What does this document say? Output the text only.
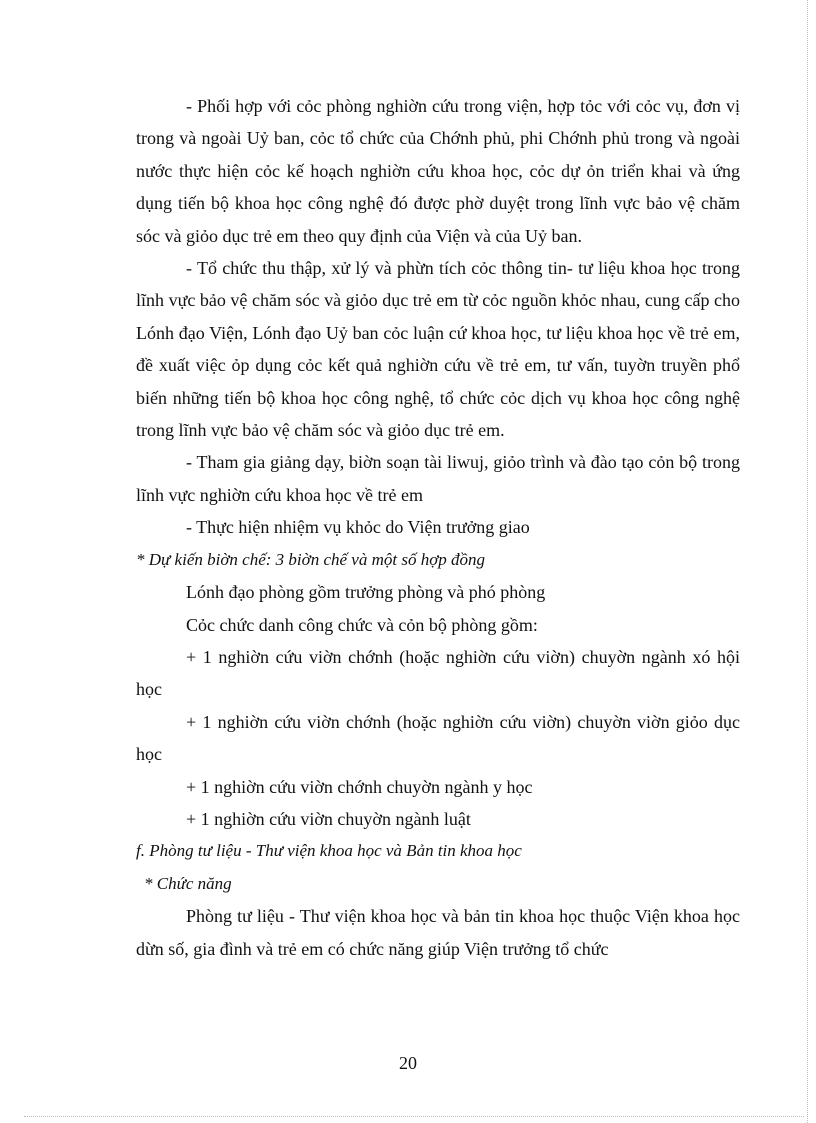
- Phối hợp với cỏc phòng nghiờn cứu trong viện, hợp tỏc với cỏc vụ, đơn vị trong và ngoài Uỷ ban, cỏc tổ chức của Chớnh phủ, phi Chớnh phủ trong và ngoài nước thực hiện cỏc kế hoạch nghiờn cứu khoa học, cỏc dự ỏn triển khai và ứng dụng tiến bộ khoa học công nghệ đó được phờ duyệt trong lĩnh vực bảo vệ chăm sóc và giỏo dục trẻ em theo quy định của Viện và của Uỷ ban.

- Tổ chức thu thập, xử lý và phừn tích cỏc thông tin- tư liệu khoa học trong lĩnh vực bảo vệ chăm sóc và giỏo dục trẻ em từ cỏc nguồn khỏc nhau, cung cấp cho Lónh đạo Viện, Lónh đạo Uỷ ban cỏc luận cứ khoa học, tư liệu khoa học về trẻ em, đề xuất việc ỏp dụng cỏc kết quả nghiờn cứu về trẻ em, tư vấn, tuyờn truyền phổ biến những tiến bộ khoa học công nghệ, tổ chức cỏc dịch vụ khoa học công nghệ trong lĩnh vực bảo vệ chăm sóc và giỏo dục trẻ em.

- Tham gia giảng dạy, biờn soạn tài liwuj, giỏo trình và đào tạo cỏn bộ trong lĩnh vực nghiờn cứu khoa học về trẻ em

- Thực hiện nhiệm vụ khỏc do Viện trưởng giao

* Dự kiến biờn chế: 3 biờn chế và một số hợp đồng

Lónh đạo phòng gồm trưởng phòng và phó phòng

Cỏc chức danh công chức và cỏn bộ phòng gồm:

+ 1 nghiờn cứu viờn chớnh (hoặc nghiờn cứu viờn) chuyờn ngành xó hội học

+ 1 nghiờn cứu viờn chớnh (hoặc nghiờn cứu viờn) chuyờn viờn giỏo dục học

+ 1 nghiờn cứu viờn chớnh chuyờn ngành y học

+ 1 nghiờn cứu viờn chuyờn ngành luật

f. Phòng tư liệu - Thư viện khoa học và Bản tin khoa học

* Chức năng

Phòng tư liệu - Thư viện khoa học và bản tin khoa học thuộc Viện khoa học dừn số, gia đình và trẻ em có chức năng giúp Viện trưởng tổ chức

20
